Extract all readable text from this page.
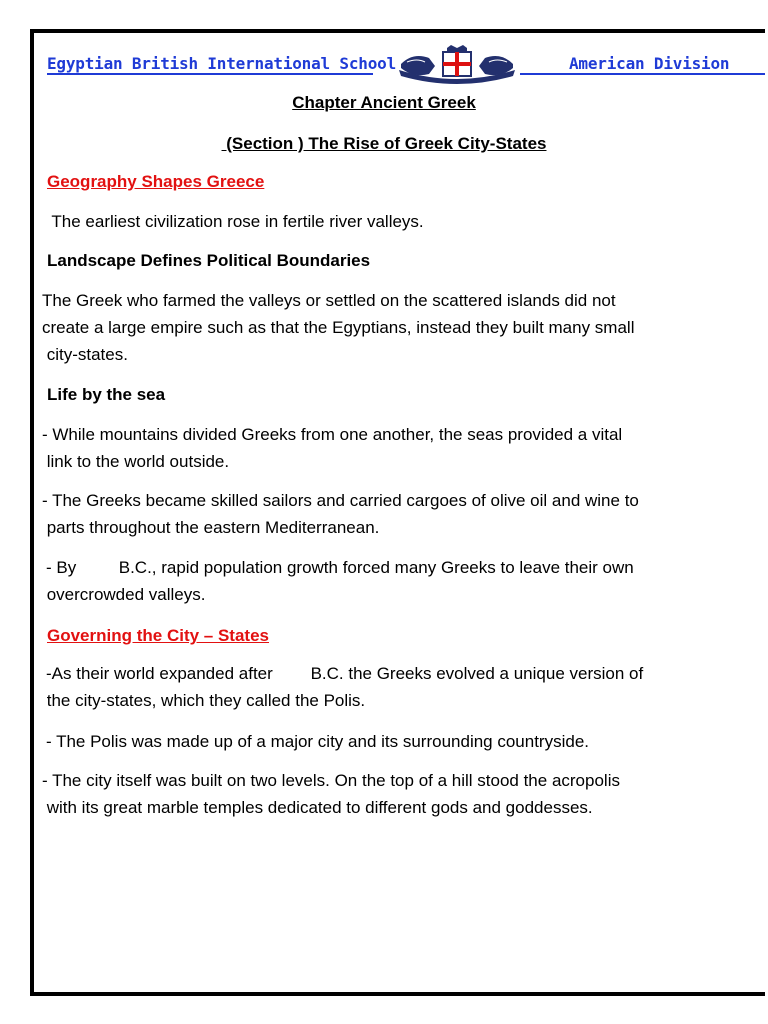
Egyptian British International School	American Division
Chapter Ancient Greek
(Section ) The Rise of Greek City-States
Geography Shapes Greece
The earliest civilization rose in fertile river valleys.
Landscape Defines Political Boundaries
The Greek who farmed the valleys or settled on the scattered islands did not
create a large empire such as that the Egyptians, instead they built many small
city-states.
Life by the sea
- While mountains divided Greeks from one another, the seas provided a vital
link to the world outside.
- The Greeks became skilled sailors and carried cargoes of olive oil and wine to
parts throughout the eastern Mediterranean.
- By         B.C., rapid population growth forced many Greeks to leave their own
overcrowded valleys.
Governing the City – States
-As their world expanded after        B.C. the Greeks evolved a unique version of
the city-states, which they called the Polis.
- The Polis was made up of a major city and its surrounding countryside.
- The city itself was built on two levels. On the top of a hill stood the acropolis
with its great marble temples dedicated to different gods and goddesses.
